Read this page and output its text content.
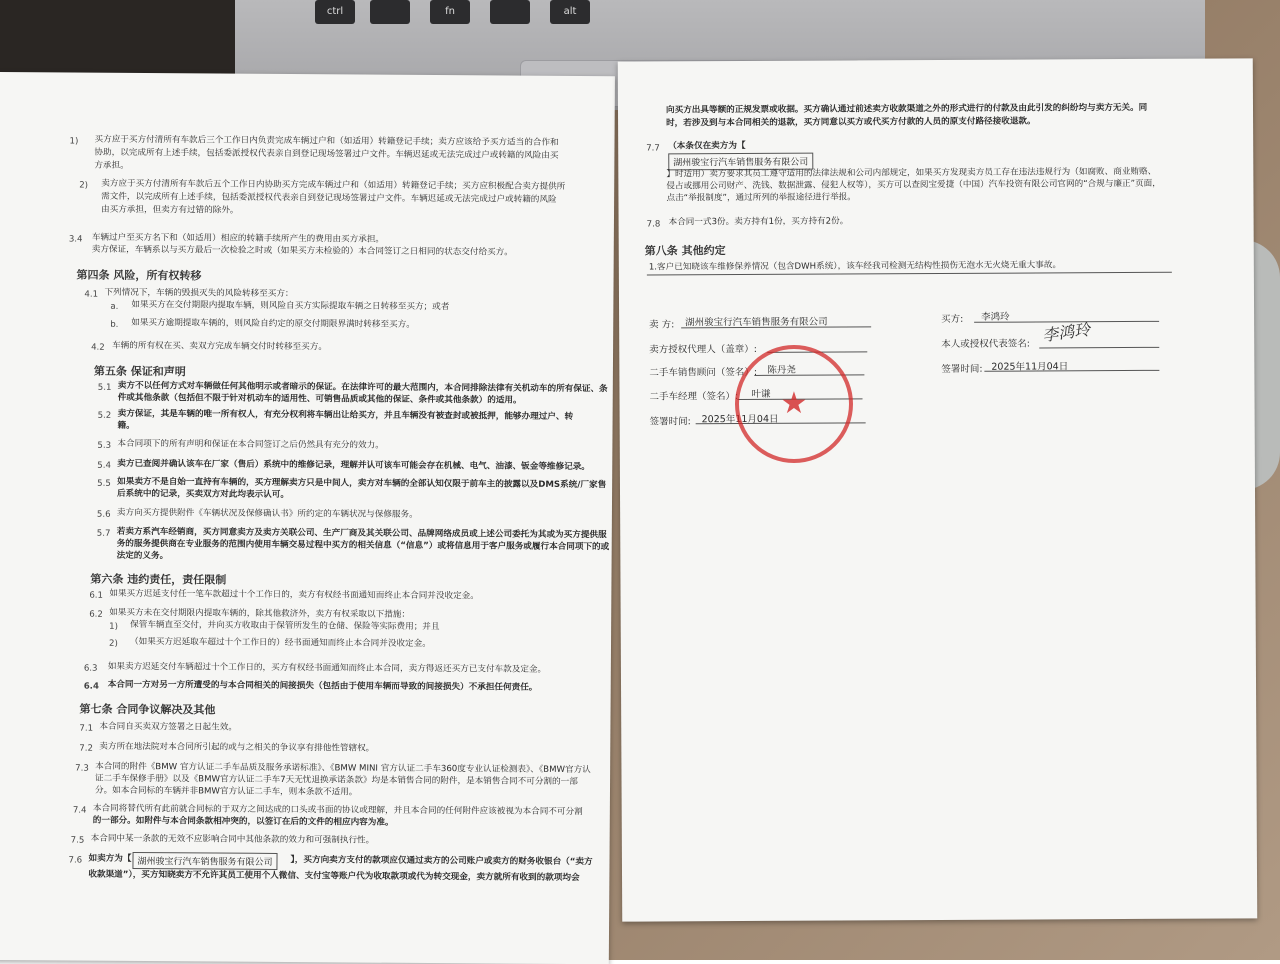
ctrl	fn	alt
1) 买方应于买方付清所有车款后三个工作日内负责完成车辆过户和（如适用）转籍登记手续；卖方应该给予买方适当的合作和
协助，以完成所有上述手续，包括委派授权代表亲自到登记现场签署过户文件。车辆迟延或无法完成过户或转籍的风险由买
方承担。
2) 卖方应于买方付清所有车款后五个工作日内协助买方完成车辆过户和（如适用）转籍登记手续；买方应积极配合卖方提供所
需文件，以完成所有上述手续，包括委派授权代表亲自到登记现场签署过户文件。车辆迟延或无法完成过户或转籍的风险
由买方承担，但卖方有过错的除外。
3.4 车辆过户至买方名下和（如适用）相应的转籍手续所产生的费用由买方承担。
卖方保证，车辆系以与买方最后一次检验之时或（如果买方未检验的）本合同签订之日相同的状态交付给买方。
第四条 风险，所有权转移
4.1 下列情况下，车辆的毁损灭失的风险转移至买方：
a. 如果买方在交付期限内提取车辆，则风险自买方实际提取车辆之日转移至买方；或者
b. 如果买方逾期提取车辆的，则风险自约定的原交付期限界满时转移至买方。
4.2 车辆的所有权在买、卖双方完成车辆交付时转移至买方。
第五条 保证和声明
5.1 卖方不以任何方式对车辆做任何其他明示或者暗示的保证。在法律许可的最大范围内，本合同排除法律有关机动车的所有保证、条
件或其他条款（包括但不限于针对机动车的适用性、可销售品质或其他的保证、条件或其他条款）的适用。
5.2 卖方保证，其是车辆的唯一所有权人，有充分权利将车辆出让给买方，并且车辆没有被查封或被抵押，能够办理过户、转
籍。
5.3 本合同项下的所有声明和保证在本合同签订之后仍然具有充分的效力。
5.4 卖方已查阅并确认该车在厂家（售后）系统中的维修记录，理解并认可该车可能会存在机械、电气、油漆、钣金等维修记录。
5.5 如果卖方不是自始一直持有车辆的，买方理解卖方只是中间人，卖方对车辆的全部认知仅限于前车主的披露以及DMS系统/厂家售
后系统中的记录，买卖双方对此均表示认可。
5.6 卖方向买方提供附件《车辆状况及保修确认书》所约定的车辆状况与保修服务。
5.7 若卖方系汽车经销商，买方同意卖方及卖方关联公司、生产厂商及其关联公司、品牌网络成员或上述公司委托为其或为买方提供服
务的服务提供商在专业服务的范围内使用车辆交易过程中买方的相关信息（“信息”）或将信息用于客户服务或履行本合同项下的或
法定的义务。
第六条 违约责任，责任限制
6.1 如果买方迟延支付任一笔车款超过十个工作日的，卖方有权经书面通知而终止本合同并没收定金。
6.2 如果买方未在交付期限内提取车辆的，除其他救济外，卖方有权采取以下措施：
1) 保管车辆直至交付，并向买方收取由于保管所发生的仓储、保险等实际费用；并且
2) （如果买方迟延取车超过十个工作日的）经书面通知而终止本合同并没收定金。
6.3 如果卖方迟延交付车辆超过十个工作日的，买方有权经书面通知而终止本合同，卖方得返还买方已支付车款及定金。
6.4 本合同一方对另一方所遭受的与本合同相关的间接损失（包括由于使用车辆而导致的间接损失）不承担任何责任。
第七条 合同争议解决及其他
7.1 本合同自买卖双方签署之日起生效。
7.2 卖方所在地法院对本合同所引起的或与之相关的争议享有排他性管辖权。
7.3 本合同的附件《BMW 官方认证二手车品质及服务承诺标准》、《BMW MINI 官方认证二手车360度专业认证检测表》、《BMW官方认
证二手车保修手册》以及《BMW官方认证二手车7天无忧退换承诺条款》均是本销售合同的附件，是本销售合同不可分割的一部
分。如本合同标的车辆并非BMW官方认证二手车，则本条款不适用。
7.4 本合同将替代所有此前就合同标的于双方之间达成的口头或书面的协议或理解，并且本合同的任何附件应该被视为本合同不可分割
的一部分。如附件与本合同条款相冲突的，以签订在后的文件的相应内容为准。
7.5 本合同中某一条款的无效不应影响合同中其他条款的效力和可强制执行性。
7.6 如卖方为【 湖州骏宝行汽车销售服务有限公司	】，买方向卖方支付的款项应仅通过卖方的公司账户或卖方的财务收银台（“卖方
收款渠道”），买方知晓卖方不允许其员工使用个人微信、支付宝等账户代为收取款项或代为转交现金，卖方就所有收到的款项均会
向买方出具等额的正规发票或收据。买方确认通过前述卖方收款渠道之外的形式进行的付款及由此引发的纠纷均与卖方无关。同
时，若涉及到与本合同相关的退款，买方同意以买方或代买方付款的人员的原支付路径接收退款。
7.7 （本条仅在卖方为【
湖州骏宝行汽车销售服务有限公司
】时适用）卖方要求其员工遵守适用的法律法规和公司内部规定，如果买方发现卖方员工存在违法违规行为（如腐败、商业贿赂、
侵占或挪用公司财产、洗钱、数据泄露、侵犯人权等），买方可以查阅宝爱捷（中国）汽车投资有限公司官网的“合规与廉正”页面，
点击“举报制度”，通过所列的举报途径进行举报。
7.8 本合同一式3份。卖方持有1份，买方持有2份。
第八条 其他约定
1.客户已知晓该车维修保养情况（包含DWH系统），该车经我司检测无结构性损伤无泡水无火烧无重大事故。
卖 方: 湖州骏宝行汽车销售服务有限公司
卖方授权代理人（盖章）:
二手车销售顾问（签名）: 陈丹尧
二手车经理（签名）: 叶谦
签署时间: 2025年11月04日
买方: 李鸿玲
本人或授权代表签名:
签署时间: 2025年11月04日
★
李鸿玲
